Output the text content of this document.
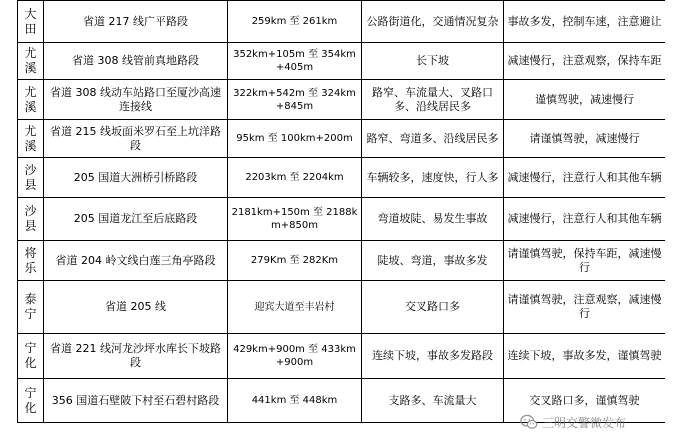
大田	省道 217 线广平路段	259km 至 261km	公路街道化，交通情况复杂	事故多发，控制车速，注意避让
尤溪	省道 308 线管前真地路段	352km+105m 至 354km+405m	长下坡	减速慢行，注意观察，保持车距
尤溪	省道 308 线动车站路口至厦沙高速连接线	322km+542m 至 324km+845m	路窄、车流量大、叉路口多、沿线居民多	谨慎驾驶，减速慢行
尤溪	省道 215 线坂面米罗石至上坑洋路段	95km 至 100km+200m	路窄、弯道多、沿线居民多	请谨慎驾驶，减速慢行
沙县	205 国道大洲桥引桥路段	2203km 至 2204km	车辆较多，速度快，行人多	减速慢行，注意行人和其他车辆
沙县	205 国道龙江至后底路段	2181km+150m 至 2188km+850m	弯道坡陡、易发生事故	减速慢行，注意行人和其他车辆
将乐	省道 204 岭文线白莲三角亭路段	279Km 至 282Km	陡坡、弯道，事故多发	请谨慎驾驶，保持车距，减速慢行
泰宁	省道 205 线	迎宾大道至丰岩村	交叉路口多	请谨慎驾驶，注意观察，减速慢行
宁化	省道 221 线河龙沙坪水库长下坡路段	429km+900m 至 433km+900m	连续下坡，事故多发路段	连续下坡，事故多发，谨慎驾驶
宁化	356 国道石壁陂下村至石碧村路段	441km 至 448km	支路多、车流量大	交叉路口多，谨慎驾驶
三明交警微发布
